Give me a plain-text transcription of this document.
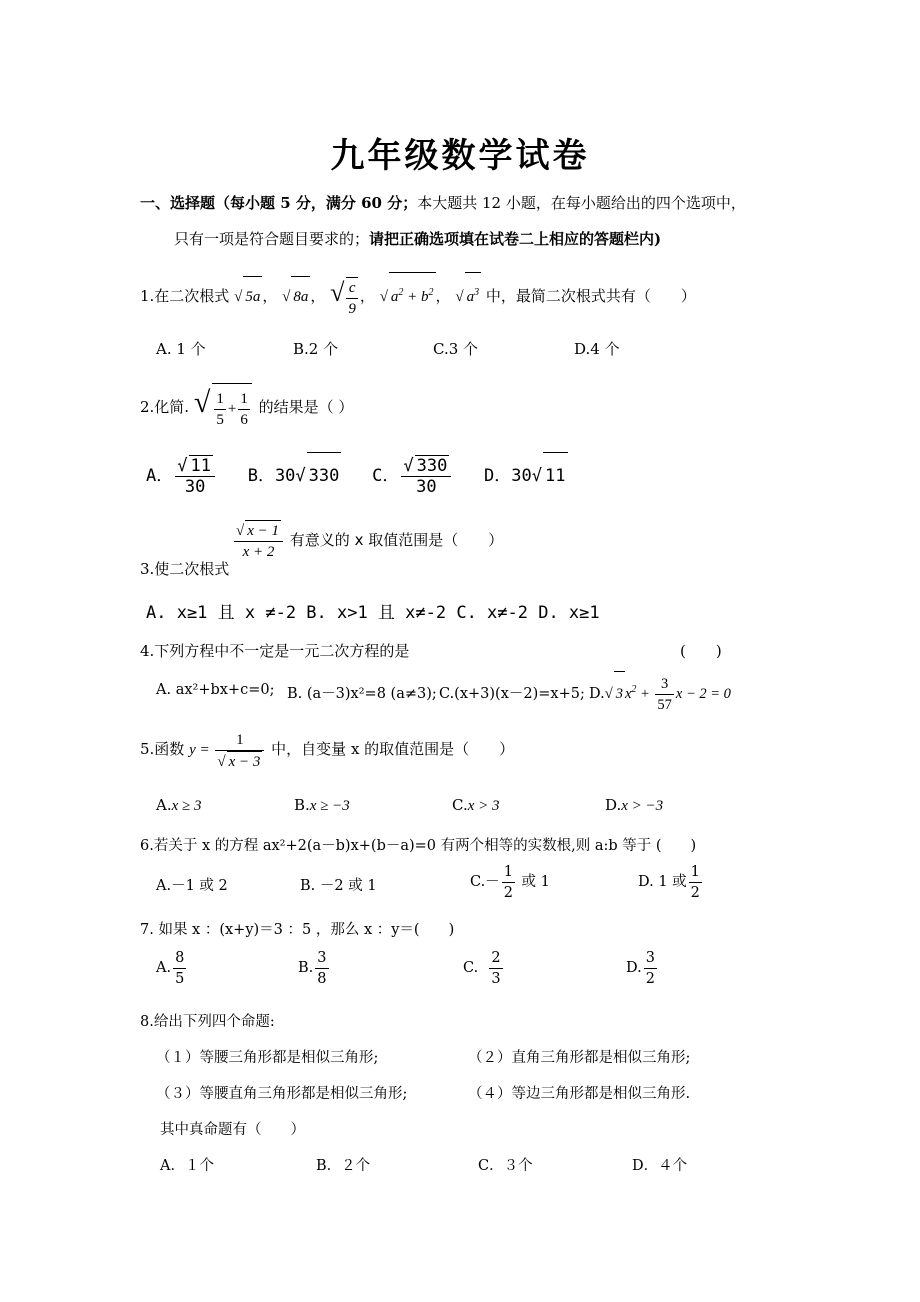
九年级数学试卷
一、选择题（每小题 5 分，满分 60 分；本大题共 12 小题，在每小题给出的四个选项中，
只有一项是符合题目要求的；请把正确选项填在试卷二上相应的答题栏内)
1.在二次根式 √ 5a ， √ 8a ， √ $\frac{c}{9}$ ， √ $a^2 + b^2$ ， √ $a^3$ 中，最简二次根式共有（　　）
A. 1 个	B.2 个	C.3 个	D.4 个
2.化简. √ $\frac{1}{5} + \frac{1}{6}$ 的结果是（ ）
A． $\frac{√ 11}{30}$ B．30√ 330 C． $\frac{√ 330}{30}$ D．30√ 11
3.使二次根式
$\frac{√ x - 1}{x + 2}$ 有意义的 x 取值范围是（　　）
A. x≥1 且 x ≠-2 B. x>1 且 x≠-2 C. x≠-2 D. x≥1
4.下列方程中不一定是一元二次方程的是	(　　)
A. ax²+bx+c=0; B. (a－3)x²=8 (a≠3); C.(x+3)(x－2)=x+5; D.√ 3 $x^2 + \frac{3}{57}$ x − 2 = 0
5.函数 $y = \frac{1}{√ x - 3}$ 中，自变量 x 的取值范围是（　　）
A.x ≥ 3	B.x ≥ −3	C.x > 3	D.x > −3
6.若关于 x 的方程 ax²+2(a－b)x+(b－a)=0 有两个相等的实数根,则 a:b 等于 (　　)
A.－1 或 2	B. －2 或 1	$C.- \frac{1}{2}$ 或 1	D. 1 或 $\frac{1}{2}$
7. 如果 x ：(x+y)＝3 ：5 ，那么 x ：y＝(　　)
A. $\frac{8}{5}$	B. $\frac{3}{8}$	C. $\frac{2}{3}$	D. $\frac{3}{2}$
8.给出下列四个命题:
（１）等腰三角形都是相似三角形;	（２）直角三角形都是相似三角形;
（３）等腰直角三角形都是相似三角形;	（４）等边三角形都是相似三角形.
其中真命题有（　　）
A．１个	B．２个	C．３个	D．４个
